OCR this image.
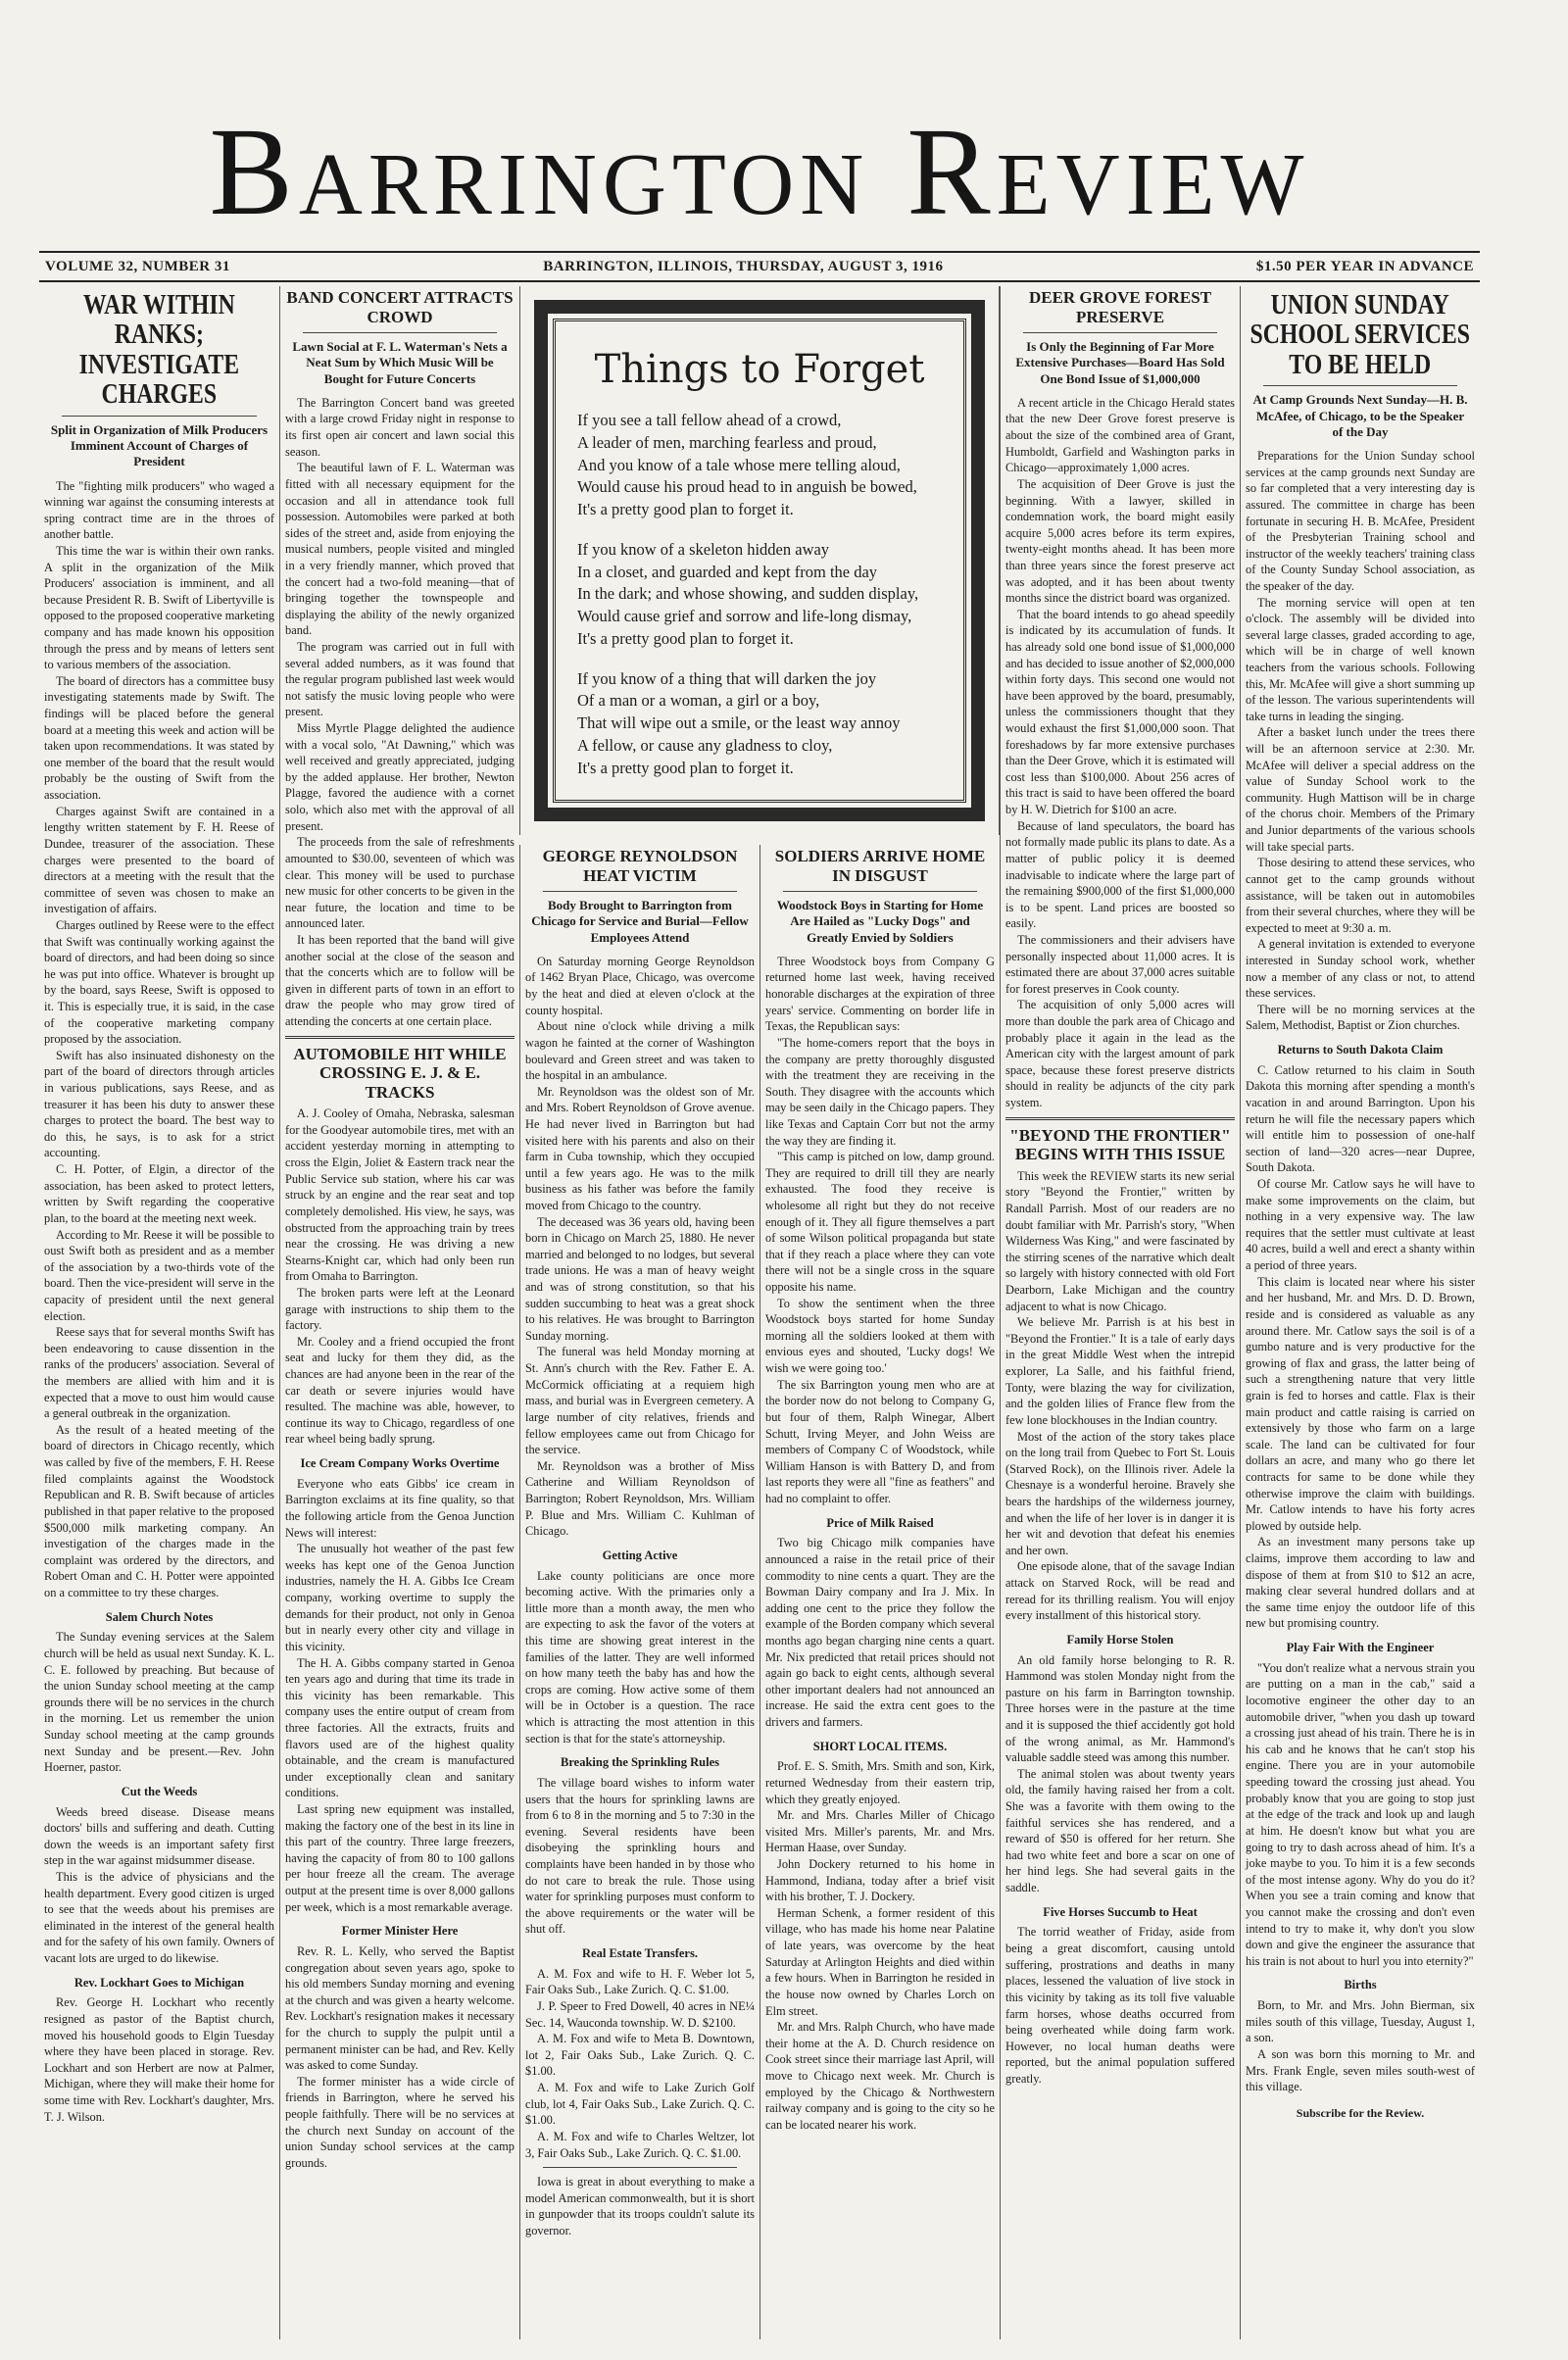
Barrington Review
VOLUME 32, NUMBER 31	BARRINGTON, ILLINOIS, THURSDAY, AUGUST 3, 1916	$1.50 PER YEAR IN ADVANCE
WAR WITHIN RANKS; INVESTIGATE CHARGES
Split in Organization of Milk Producers Imminent Account of Charges of President

The "fighting milk producers" who waged a winning war against the consuming interests at spring contract time are in the throes of another battle.

This time the war is within their own ranks. A split in the organization of the Milk Producers' association is imminent, and all because President R. B. Swift of Libertyville is opposed to the proposed cooperative marketing company and has made known his opposition through the press and by means of letters sent to various members of the association.

The board of directors has a committee busy investigating statements made by Swift. The findings will be placed before the general board at a meeting this week and action will be taken upon recommendations. It was stated by one member of the board that the result would probably be the ousting of Swift from the association.

Charges against Swift are contained in a lengthy written statement by F. H. Reese of Dundee, treasurer of the association. These charges were presented to the board of directors at a meeting with the result that the committee of seven was chosen to make an investigation of affairs.

Charges outlined by Reese were to the effect that Swift was continually working against the board of directors, and had been doing so since he was put into office. Whatever is brought up by the board, says Reese, Swift is opposed to it. This is especially true, it is said, in the case of the cooperative marketing company proposed by the association.

Swift has also insinuated dishonesty on the part of the board of directors through articles in various publications, says Reese, and as treasurer it has been his duty to answer these charges to protect the board. The best way to do this, he says, is to ask for a strict accounting.

C. H. Potter, of Elgin, a director of the association, has been asked to protect letters, written by Swift regarding the cooperative plan, to the board at the meeting next week.

According to Mr. Reese it will be possible to oust Swift both as president and as a member of the association by a two-thirds vote of the board. Then the vice-president will serve in the capacity of president until the next general election.

Reese says that for several months Swift has been endeavoring to cause dissention in the ranks of the producers' association. Several of the members are allied with him and it is expected that a move to oust him would cause a general outbreak in the organization.

As the result of a heated meeting of the board of directors in Chicago recently, which was called by five of the members, F. H. Reese filed complaints against the Woodstock Republican and R. B. Swift because of articles published in that paper relative to the proposed $500,000 milk marketing company. An investigation of the charges made in the complaint was ordered by the directors, and Robert Oman and C. H. Potter were appointed on a committee to try these charges.

Salem Church Notes

The Sunday evening services at the Salem church will be held as usual next Sunday. K. L. C. E. followed by preaching. But because of the union Sunday school meeting at the camp grounds there will be no services in the church in the morning. Let us remember the union Sunday school meeting at the camp grounds next Sunday and be present.—Rev. John Hoerner, pastor.

Cut the Weeds

Weeds breed disease. Disease means doctors' bills and suffering and death. Cutting down the weeds is an important safety first step in the war against midsummer disease.

This is the advice of physicians and the health department. Every good citizen is urged to see that the weeds about his premises are eliminated in the interest of the general health and for the safety of his own family. Owners of vacant lots are urged to do likewise.

Rev. Lockhart Goes to Michigan

Rev. George H. Lockhart who recently resigned as pastor of the Baptist church, moved his household goods to Elgin Tuesday where they have been placed in storage. Rev. Lockhart and son Herbert are now at Palmer, Michigan, where they will make their home for some time with Rev. Lockhart's daughter, Mrs. T. J. Wilson.

BAND CONCERT ATTRACTS CROWD
Lawn Social at F. L. Waterman's Nets a Neat Sum by Which Music Will be Bought for Future Concerts

The Barrington Concert band was greeted with a large crowd Friday night in response to its first open air concert and lawn social this season.

The beautiful lawn of F. L. Waterman was fitted with all necessary equipment for the occasion and all in attendance took full possession. Automobiles were parked at both sides of the street and, aside from enjoying the musical numbers, people visited and mingled in a very friendly manner, which proved that the concert had a two-fold meaning—that of bringing together the townspeople and displaying the ability of the newly organized band.

The program was carried out in full with several added numbers, as it was found that the regular program published last week would not satisfy the music loving people who were present.

Miss Myrtle Plagge delighted the audience with a vocal solo, "At Dawning," which was well received and greatly appreciated, judging by the added applause. Her brother, Newton Plagge, favored the audience with a cornet solo, which also met with the approval of all present.

The proceeds from the sale of refreshments amounted to $30.00, seventeen of which was clear. This money will be used to purchase new music for other concerts to be given in the near future, the location and time to be announced later.

It has been reported that the band will give another social at the close of the season and that the concerts which are to follow will be given in different parts of town in an effort to draw the people who may grow tired of attending the concerts at one certain place.

AUTOMOBILE HIT WHILE CROSSING E. J. & E. TRACKS

A. J. Cooley of Omaha, Nebraska, salesman for the Goodyear automobile tires, met with an accident yesterday morning in attempting to cross the Elgin, Joliet & Eastern track near the Public Service sub station, where his car was struck by an engine and the rear seat and top completely demolished. His view, he says, was obstructed from the approaching train by trees near the crossing. He was driving a new Stearns-Knight car, which had only been run from Omaha to Barrington.

The broken parts were left at the Leonard garage with instructions to ship them to the factory.

Mr. Cooley and a friend occupied the front seat and lucky for them they did, as the chances are had anyone been in the rear of the car death or severe injuries would have resulted. The machine was able, however, to continue its way to Chicago, regardless of one rear wheel being badly sprung.

Ice Cream Company Works Overtime

Everyone who eats Gibbs' ice cream in Barrington exclaims at its fine quality, so that the following article from the Genoa Junction News will interest:

The unusually hot weather of the past few weeks has kept one of the Genoa Junction industries, namely the H. A. Gibbs Ice Cream company, working overtime to supply the demands for their product, not only in Genoa but in nearly every other city and village in this vicinity.

The H. A. Gibbs company started in Genoa ten years ago and during that time its trade in this vicinity has been remarkable. This company uses the entire output of cream from three factories. All the extracts, fruits and flavors used are of the highest quality obtainable, and the cream is manufactured under exceptionally clean and sanitary conditions.

Last spring new equipment was installed, making the factory one of the best in its line in this part of the country. Three large freezers, having the capacity of from 80 to 100 gallons per hour freeze all the cream. The average output at the present time is over 8,000 gallons per week, which is a most remarkable average.

Former Minister Here

Rev. R. L. Kelly, who served the Baptist congregation about seven years ago, spoke to his old members Sunday morning and evening at the church and was given a hearty welcome. Rev. Lockhart's resignation makes it necessary for the church to supply the pulpit until a permanent minister can be had, and Rev. Kelly was asked to come Sunday.

The former minister has a wide circle of friends in Barrington, where he served his people faithfully. There will be no services at the church next Sunday on account of the union Sunday school services at the camp grounds.

GEORGE REYNOLDSON HEAT VICTIM
Body Brought to Barrington from Chicago for Service and Burial—Fellow Employees Attend

On Saturday morning George Reynoldson of 1462 Bryan Place, Chicago, was overcome by the heat and died at eleven o'clock at the county hospital.

About nine o'clock while driving a milk wagon he fainted at the corner of Washington boulevard and Green street and was taken to the hospital in an ambulance.

Mr. Reynoldson was the oldest son of Mr. and Mrs. Robert Reynoldson of Grove avenue. He had never lived in Barrington but had visited here with his parents and also on their farm in Cuba township, which they occupied until a few years ago. He was to the milk business as his father was before the family moved from Chicago to the country.

The deceased was 36 years old, having been born in Chicago on March 25, 1880. He never married and belonged to no lodges, but several trade unions. He was a man of heavy weight and was of strong constitution, so that his sudden succumbing to heat was a great shock to his relatives. He was brought to Barrington Sunday morning.

The funeral was held Monday morning at St. Ann's church with the Rev. Father E. A. McCormick officiating at a requiem high mass, and burial was in Evergreen cemetery. A large number of city relatives, friends and fellow employees came out from Chicago for the service.

Mr. Reynoldson was a brother of Miss Catherine and William Reynoldson of Barrington; Robert Reynoldson, Mrs. William P. Blue and Mrs. William C. Kuhlman of Chicago.

Getting Active

Lake county politicians are once more becoming active. With the primaries only a little more than a month away, the men who are expecting to ask the favor of the voters at this time are showing great interest in the families of the latter. They are well informed on how many teeth the baby has and how the crops are coming. How active some of them will be in October is a question. The race which is attracting the most attention in this section is that for the state's attorneyship.

Breaking the Sprinkling Rules

The village board wishes to inform water users that the hours for sprinkling lawns are from 6 to 8 in the morning and 5 to 7:30 in the evening. Several residents have been disobeying the sprinkling hours and complaints have been handed in by those who do not care to break the rule. Those using water for sprinkling purposes must conform to the above requirements or the water will be shut off.

Real Estate Transfers.

A. M. Fox and wife to H. F. Weber lot 5, Fair Oaks Sub., Lake Zurich. Q. C. $1.00.

J. P. Speer to Fred Dowell, 40 acres in NE¼ Sec. 14, Wauconda township. W. D. $2100.

A. M. Fox and wife to Meta B. Downtown, lot 2, Fair Oaks Sub., Lake Zurich. Q. C. $1.00.

A. M. Fox and wife to Lake Zurich Golf club, lot 4, Fair Oaks Sub., Lake Zurich. Q. C. $1.00.

A. M. Fox and wife to Charles Weltzer, lot 3, Fair Oaks Sub., Lake Zurich. Q. C. $1.00.

Iowa is great in about everything to make a model American commonwealth, but it is short in gunpowder that its troops couldn't salute its governor.

SOLDIERS ARRIVE HOME IN DISGUST
Woodstock Boys in Starting for Home Are Hailed as "Lucky Dogs" and Greatly Envied by Soldiers

Three Woodstock boys from Company G returned home last week, having received honorable discharges at the expiration of three years' service. Commenting on border life in Texas, the Republican says:

"The home-comers report that the boys in the company are pretty thoroughly disgusted with the treatment they are receiving in the South. They disagree with the accounts which may be seen daily in the Chicago papers. They like Texas and Captain Corr but not the army the way they are finding it.

"This camp is pitched on low, damp ground. They are required to drill till they are nearly exhausted. The food they receive is wholesome all right but they do not receive enough of it. They all figure themselves a part of some Wilson political propaganda but state that if they reach a place where they can vote there will not be a single cross in the square opposite his name.

To show the sentiment when the three Woodstock boys started for home Sunday morning all the soldiers looked at them with envious eyes and shouted, 'Lucky dogs! We wish we were going too.'

The six Barrington young men who are at the border now do not belong to Company G, but four of them, Ralph Winegar, Albert Schutt, Irving Meyer, and John Weiss are members of Company C of Woodstock, while William Hanson is with Battery D, and from last reports they were all "fine as feathers" and had no complaint to offer.

Price of Milk Raised

Two big Chicago milk companies have announced a raise in the retail price of their commodity to nine cents a quart. They are the Bowman Dairy company and Ira J. Mix. In adding one cent to the price they follow the example of the Borden company which several months ago began charging nine cents a quart. Mr. Nix predicted that retail prices should not again go back to eight cents, although several other important dealers had not announced an increase. He said the extra cent goes to the drivers and farmers.

SHORT LOCAL ITEMS.

Prof. E. S. Smith, Mrs. Smith and son, Kirk, returned Wednesday from their eastern trip, which they greatly enjoyed.

Mr. and Mrs. Charles Miller of Chicago visited Mrs. Miller's parents, Mr. and Mrs. Herman Haase, over Sunday.

John Dockery returned to his home in Hammond, Indiana, today after a brief visit with his brother, T. J. Dockery.

Herman Schenk, a former resident of this village, who has made his home near Palatine of late years, was overcome by the heat Saturday at Arlington Heights and died within a few hours. When in Barrington he resided in the house now owned by Charles Lorch on Elm street.

Mr. and Mrs. Ralph Church, who have made their home at the A. D. Church residence on Cook street since their marriage last April, will move to Chicago next week. Mr. Church is employed by the Chicago & Northwestern railway company and is going to the city so he can be located nearer his work.

DEER GROVE FOREST PRESERVE
Is Only the Beginning of Far More Extensive Purchases—Board Has Sold One Bond Issue of $1,000,000

A recent article in the Chicago Herald states that the new Deer Grove forest preserve is about the size of the combined area of Grant, Humboldt, Garfield and Washington parks in Chicago—approximately 1,000 acres.

The acquisition of Deer Grove is just the beginning. With a lawyer, skilled in condemnation work, the board might easily acquire 5,000 acres before its term expires, twenty-eight months ahead. It has been more than three years since the forest preserve act was adopted, and it has been about twenty months since the district board was organized.

That the board intends to go ahead speedily is indicated by its accumulation of funds. It has already sold one bond issue of $1,000,000 and has decided to issue another of $2,000,000 within forty days. This second one would not have been approved by the board, presumably, unless the commissioners thought that they would exhaust the first $1,000,000 soon. That foreshadows by far more extensive purchases than the Deer Grove, which it is estimated will cost less than $100,000. About 256 acres of this tract is said to have been offered the board by H. W. Dietrich for $100 an acre.

Because of land speculators, the board has not formally made public its plans to date. As a matter of public policy it is deemed inadvisable to indicate where the large part of the remaining $900,000 of the first $1,000,000 is to be spent. Land prices are boosted so easily.

The commissioners and their advisers have personally inspected about 11,000 acres. It is estimated there are about 37,000 acres suitable for forest preserves in Cook county.

The acquisition of only 5,000 acres will more than double the park area of Chicago and probably place it again in the lead as the American city with the largest amount of park space, because these forest preserve districts should in reality be adjuncts of the city park system.

"BEYOND THE FRONTIER" BEGINS WITH THIS ISSUE

This week the REVIEW starts its new serial story "Beyond the Frontier," written by Randall Parrish. Most of our readers are no doubt familiar with Mr. Parrish's story, "When Wilderness Was King," and were fascinated by the stirring scenes of the narrative which dealt so largely with history connected with old Fort Dearborn, Lake Michigan and the country adjacent to what is now Chicago.

We believe Mr. Parrish is at his best in "Beyond the Frontier." It is a tale of early days in the great Middle West when the intrepid explorer, La Salle, and his faithful friend, Tonty, were blazing the way for civilization, and the golden lilies of France flew from the few lone blockhouses in the Indian country.

Most of the action of the story takes place on the long trail from Quebec to Fort St. Louis (Starved Rock), on the Illinois river. Adele la Chesnaye is a wonderful heroine. Bravely she bears the hardships of the wilderness journey, and when the life of her lover is in danger it is her wit and devotion that defeat his enemies and her own.

One episode alone, that of the savage Indian attack on Starved Rock, will be read and reread for its thrilling realism. You will enjoy every installment of this historical story.

Family Horse Stolen

An old family horse belonging to R. R. Hammond was stolen Monday night from the pasture on his farm in Barrington township. Three horses were in the pasture at the time and it is supposed the thief accidently got hold of the wrong animal, as Mr. Hammond's valuable saddle steed was among this number.

The animal stolen was about twenty years old, the family having raised her from a colt. She was a favorite with them owing to the faithful services she has rendered, and a reward of $50 is offered for her return. She had two white feet and bore a scar on one of her hind legs. She had several gaits in the saddle.

Five Horses Succumb to Heat

The torrid weather of Friday, aside from being a great discomfort, causing untold suffering, prostrations and deaths in many places, lessened the valuation of live stock in this vicinity by taking as its toll five valuable farm horses, whose deaths occurred from being overheated while doing farm work. However, no local human deaths were reported, but the animal population suffered greatly.

UNION SUNDAY SCHOOL SERVICES TO BE HELD
At Camp Grounds Next Sunday—H. B. McAfee, of Chicago, to be the Speaker of the Day

Preparations for the Union Sunday school services at the camp grounds next Sunday are so far completed that a very interesting day is assured. The committee in charge has been fortunate in securing H. B. McAfee, President of the Presbyterian Training school and instructor of the weekly teachers' training class of the County Sunday School association, as the speaker of the day.

The morning service will open at ten o'clock. The assembly will be divided into several large classes, graded according to age, which will be in charge of well known teachers from the various schools. Following this, Mr. McAfee will give a short summing up of the lesson. The various superintendents will take turns in leading the singing.

After a basket lunch under the trees there will be an afternoon service at 2:30. Mr. McAfee will deliver a special address on the value of Sunday School work to the community. Hugh Mattison will be in charge of the chorus choir. Members of the Primary and Junior departments of the various schools will take special parts.

Those desiring to attend these services, who cannot get to the camp grounds without assistance, will be taken out in automobiles from their several churches, where they will be expected to meet at 9:30 a. m.

A general invitation is extended to everyone interested in Sunday school work, whether now a member of any class or not, to attend these services.

There will be no morning services at the Salem, Methodist, Baptist or Zion churches.

Returns to South Dakota Claim

C. Catlow returned to his claim in South Dakota this morning after spending a month's vacation in and around Barrington. Upon his return he will file the necessary papers which will entitle him to possession of one-half section of land—320 acres—near Dupree, South Dakota.

Of course Mr. Catlow says he will have to make some improvements on the claim, but nothing in a very expensive way. The law requires that the settler must cultivate at least 40 acres, build a well and erect a shanty within a period of three years.

This claim is located near where his sister and her husband, Mr. and Mrs. D. D. Brown, reside and is considered as valuable as any around there. Mr. Catlow says the soil is of a gumbo nature and is very productive for the growing of flax and grass, the latter being of such a strengthening nature that very little grain is fed to horses and cattle. Flax is their main product and cattle raising is carried on extensively by those who farm on a large scale. The land can be cultivated for four dollars an acre, and many who go there let contracts for same to be done while they otherwise improve the claim with buildings. Mr. Catlow intends to have his forty acres plowed by outside help.

As an investment many persons take up claims, improve them according to law and dispose of them at from $10 to $12 an acre, making clear several hundred dollars and at the same time enjoy the outdoor life of this new but promising country.

Play Fair With the Engineer

"You don't realize what a nervous strain you are putting on a man in the cab," said a locomotive engineer the other day to an automobile driver, "when you dash up toward a crossing just ahead of his train. There he is in his cab and he knows that he can't stop his engine. There you are in your automobile speeding toward the crossing just ahead. You probably know that you are going to stop just at the edge of the track and look up and laugh at him. He doesn't know but what you are going to try to dash across ahead of him. It's a joke maybe to you. To him it is a few seconds of the most intense agony. Why do you do it? When you see a train coming and know that you cannot make the crossing and don't even intend to try to make it, why don't you slow down and give the engineer the assurance that his train is not about to hurl you into eternity?"

Births

Born, to Mr. and Mrs. John Bierman, six miles south of this village, Tuesday, August 1, a son.

A son was born this morning to Mr. and Mrs. Frank Engle, seven miles south-west of this village.

Subscribe for the Review.
Things to Forget
If you see a tall fellow ahead of a crowd,
A leader of men, marching fearless and proud,
And you know of a tale whose mere telling aloud,
Would cause his proud head to in anguish be bowed,
It's a pretty good plan to forget it.
If you know of a skeleton hidden away
In a closet, and guarded and kept from the day
In the dark; and whose showing, and sudden display,
Would cause grief and sorrow and life-long dismay,
It's a pretty good plan to forget it.
If you know of a thing that will darken the joy
Of a man or a woman, a girl or a boy,
That will wipe out a smile, or the least way annoy
A fellow, or cause any gladness to cloy,
It's a pretty good plan to forget it.
